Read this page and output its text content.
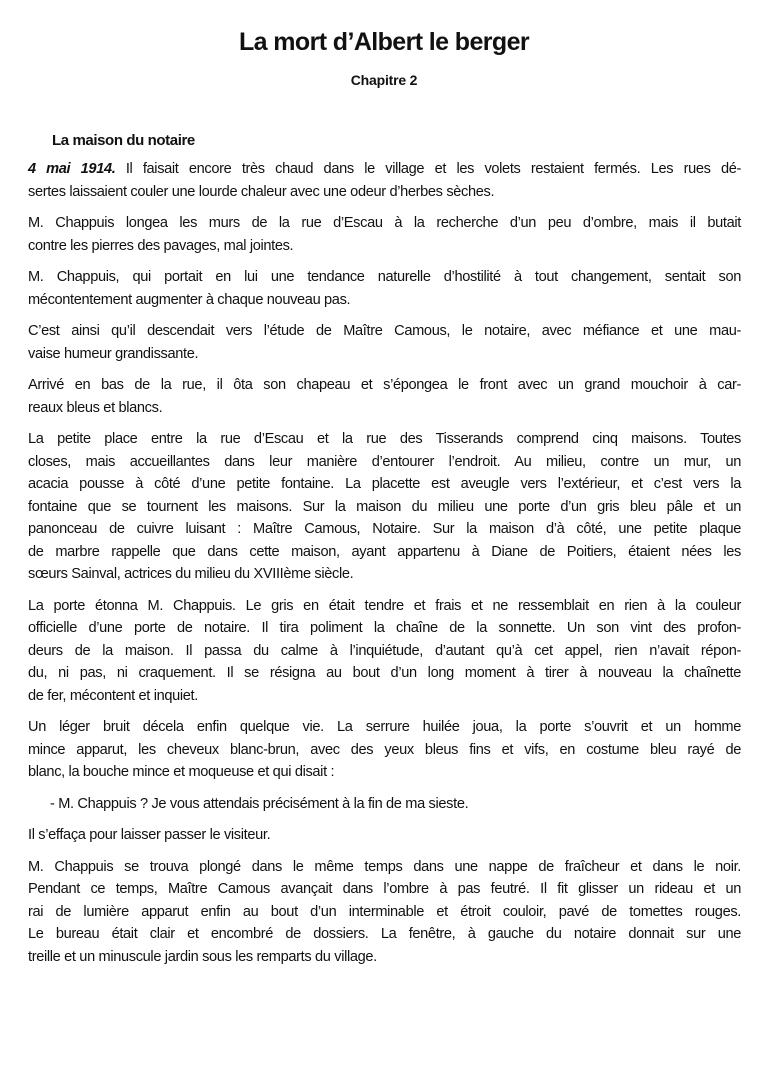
La mort d’Albert le berger
Chapitre 2
La maison du notaire

4 mai 1914. Il faisait encore très chaud dans le village et les volets restaient fermés. Les rues dé-
sertes laissaient couler une lourde chaleur avec une odeur d’herbes sèches.

M. Chappuis longea les murs de la rue d’Escau à la recherche d’un peu d’ombre, mais il butait
contre les pierres des pavages, mal jointes.

M. Chappuis, qui portait en lui une tendance naturelle d’hostilité à tout changement, sentait son
mécontentement augmenter à chaque nouveau pas.

C’est ainsi qu’il descendait vers l’étude de Maître Camous, le notaire, avec méfiance et une mau-
vaise humeur grandissante.

Arrivé en bas de la rue, il ôta son chapeau et s’épongea le front avec un grand mouchoir à car-
reaux bleus et blancs.

La petite place entre la rue d’Escau et la rue des Tisserands comprend cinq maisons. Toutes
closes, mais accueillantes dans leur manière d’entourer l’endroit. Au milieu, contre un mur, un
acacia pousse à côté d’une petite fontaine. La placette est aveugle vers l’extérieur, et c’est vers la
fontaine que se tournent les maisons. Sur la maison du milieu une porte d’un gris bleu pâle et un
panonceau de cuivre luisant : Maître Camous, Notaire. Sur la maison d’à côté, une petite plaque
de marbre rappelle que dans cette maison, ayant appartenu à Diane de Poitiers, étaient nées les
sœurs Sainval, actrices du milieu du XVIIIème siècle.

La porte étonna M. Chappuis. Le gris en était tendre et frais et ne ressemblait en rien à la couleur
officielle d’une porte de notaire. Il tira poliment la chaîne de la sonnette. Un son vint des profon-
deurs de la maison. Il passa du calme à l’inquiétude, d’autant qu’à cet appel, rien n’avait répon-
du, ni pas, ni craquement. Il se résigna au bout d’un long moment à tirer à nouveau la chaînette
de fer, mécontent et inquiet.

Un léger bruit décela enfin quelque vie. La serrure huilée joua, la porte s’ouvrit et un homme
mince apparut, les cheveux blanc-brun, avec des yeux bleus fins et vifs, en costume bleu rayé de
blanc, la bouche mince et moqueuse et qui disait :

- M. Chappuis ? Je vous attendais précisément à la fin de ma sieste.

Il s’effaça pour laisser passer le visiteur.

M. Chappuis se trouva plongé dans le même temps dans une nappe de fraîcheur et dans le noir.
Pendant ce temps, Maître Camous avançait dans l’ombre à pas feutré. Il fit glisser un rideau et un
rai de lumière apparut enfin au bout d’un interminable et étroit couloir, pavé de tomettes rouges.
Le bureau était clair et encombré de dossiers. La fenêtre, à gauche du notaire donnait sur une
treille et un minuscule jardin sous les remparts du village.
